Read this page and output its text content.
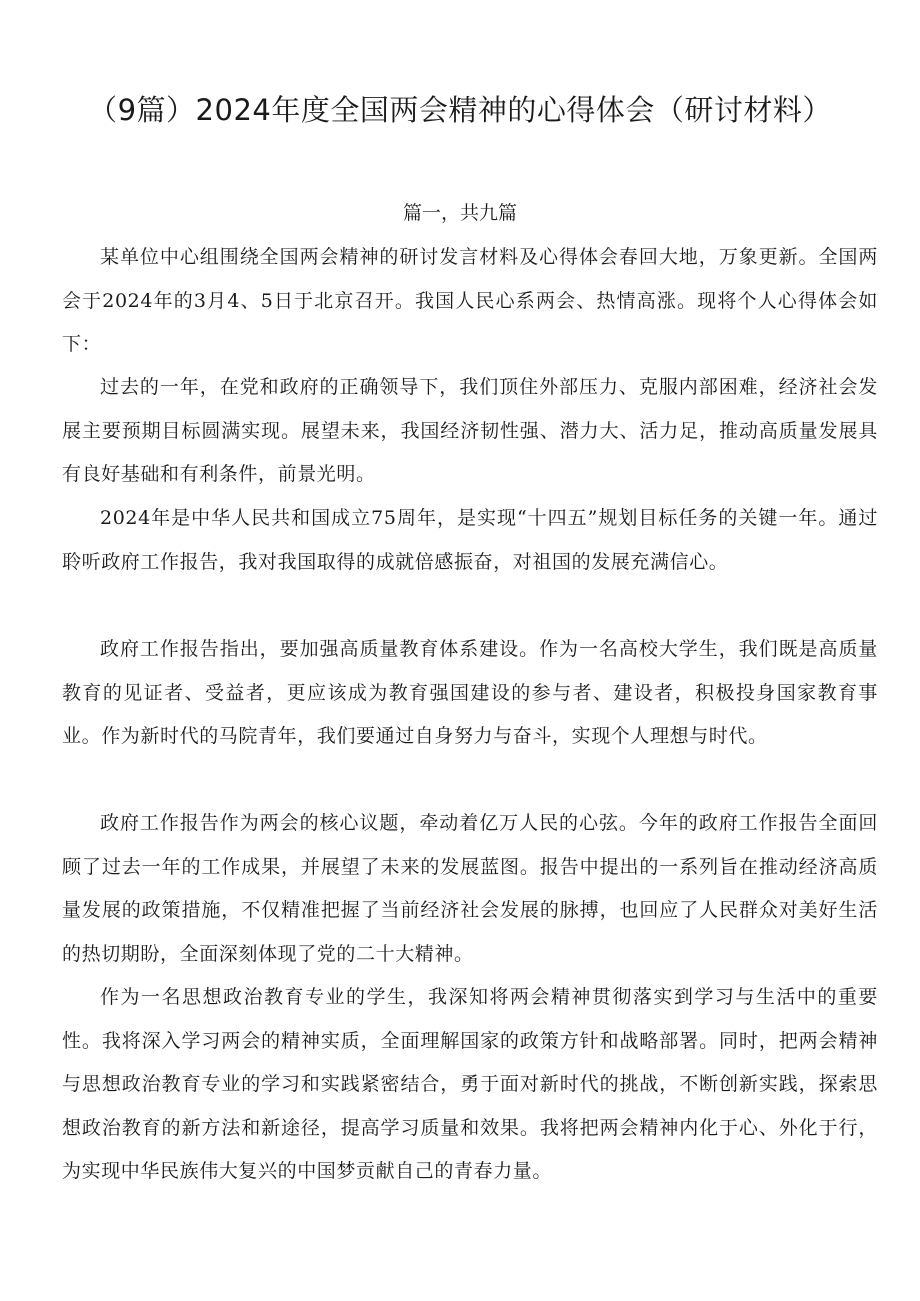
（9篇）2024年度全国两会精神的心得体会（研讨材料）
篇一，共九篇

某单位中心组围绕全国两会精神的研讨发言材料及心得体会春回大地，万象更新。全国两会于2024年的3月4、5日于北京召开。我国人民心系两会、热情高涨。现将个人心得体会如下：

过去的一年，在党和政府的正确领导下，我们顶住外部压力、克服内部困难，经济社会发展主要预期目标圆满实现。展望未来，我国经济韧性强、潜力大、活力足，推动高质量发展具有良好基础和有利条件，前景光明。

2024年是中华人民共和国成立75周年，是实现“十四五”规划目标任务的关键一年。通过聆听政府工作报告，我对我国取得的成就倍感振奋，对祖国的发展充满信心。

政府工作报告指出，要加强高质量教育体系建设。作为一名高校大学生，我们既是高质量教育的见证者、受益者，更应该成为教育强国建设的参与者、建设者，积极投身国家教育事业。作为新时代的马院青年，我们要通过自身努力与奋斗，实现个人理想与时代。

政府工作报告作为两会的核心议题，牵动着亿万人民的心弦。今年的政府工作报告全面回顾了过去一年的工作成果，并展望了未来的发展蓝图。报告中提出的一系列旨在推动经济高质量发展的政策措施，不仅精准把握了当前经济社会发展的脉搏，也回应了人民群众对美好生活的热切期盼，全面深刻体现了党的二十大精神。

作为一名思想政治教育专业的学生，我深知将两会精神贯彻落实到学习与生活中的重要性。我将深入学习两会的精神实质，全面理解国家的政策方针和战略部署。同时，把两会精神与思想政治教育专业的学习和实践紧密结合，勇于面对新时代的挑战，不断创新实践，探索思想政治教育的新方法和新途径，提高学习质量和效果。我将把两会精神内化于心、外化于行，为实现中华民族伟大复兴的中国梦贡献自己的青春力量。
